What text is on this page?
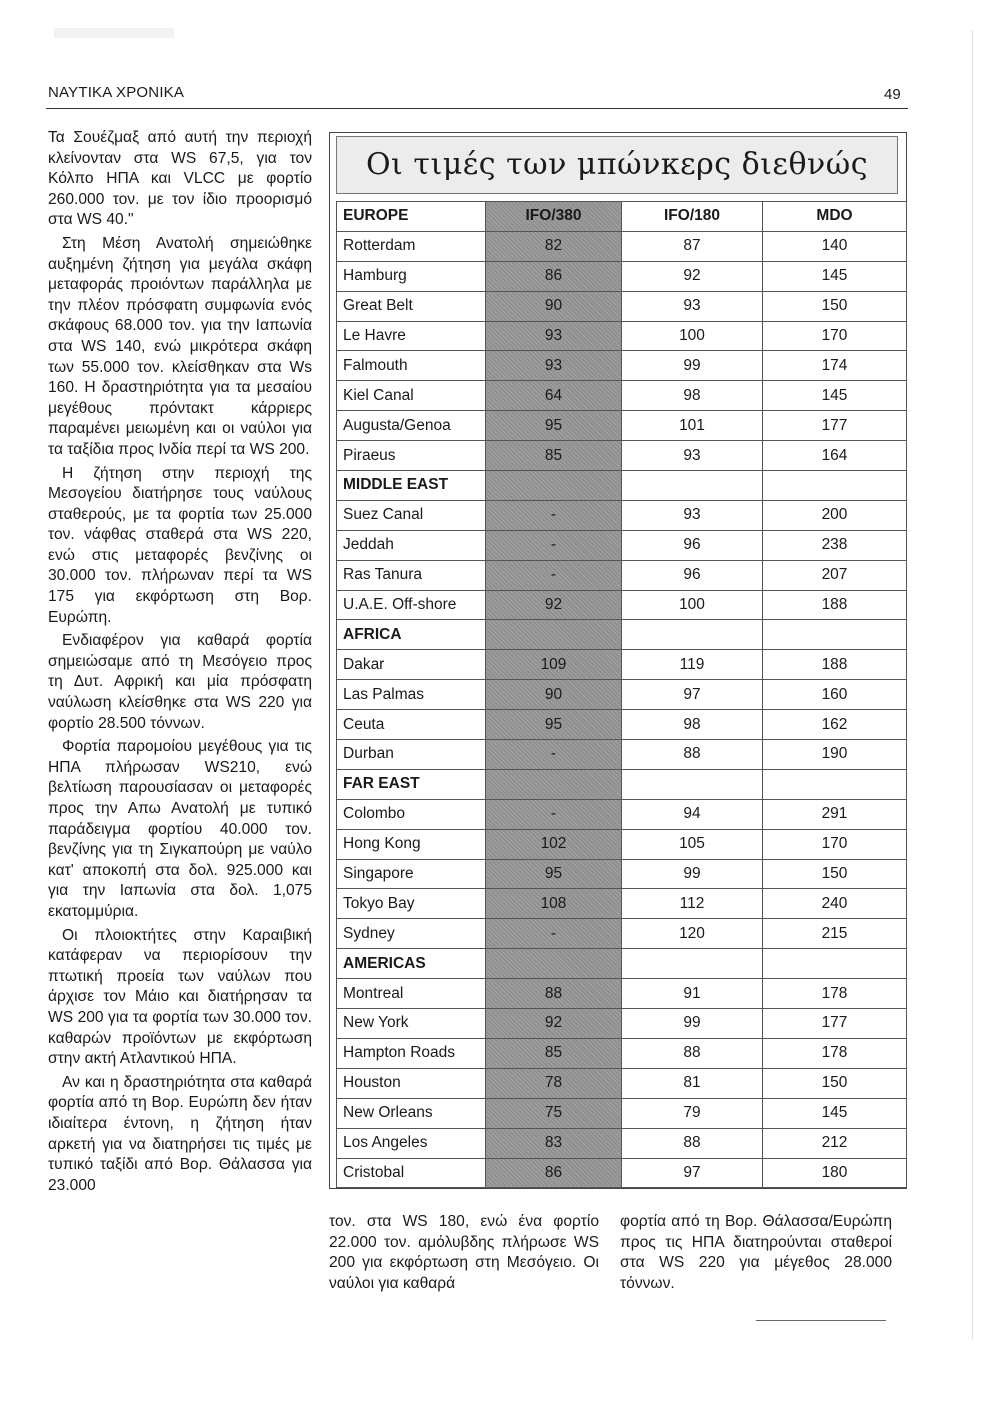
ΝΑΥΤΙΚΑ ΧΡΟΝΙΚΑ	49

Τα Σουέζμαξ από αυτή την περιοχή κλείνονταν στα WS 67,5, για τον Κόλπο ΗΠΑ και VLCC με φορτίο 260.000 τον. με τον ίδιο προορισμό στα WS 40."

Στη Μέση Ανατολή σημειώθηκε αυξημένη ζήτηση για μεγάλα σκάφη μεταφοράς προιόντων παράλληλα με την πλέον πρόσφατη συμφωνία ενός σκάφους 68.000 τον. για την Ιαπωνία στα WS 140, ενώ μικρότερα σκάφη των 55.000 τον. κλείσθηκαν στα Ws 160. Η δραστηριότητα για τα μεσαίου μεγέθους πρόντακτ κάρριερς παραμένει μειωμένη και οι ναύλοι για τα ταξίδια προς Ινδία περί τα WS 200.

Η ζήτηση στην περιοχή της Μεσογείου διατήρησε τους ναύλους σταθερούς, με τα φορτία των 25.000 τον. νάφθας σταθερά στα WS 220, ενώ στις μεταφορές βενζίνης οι 30.000 τον. πλήρωναν περί τα WS 175 για εκφόρτωση στη Βορ. Ευρώπη.

Ενδιαφέρον για καθαρά φορτία σημειώσαμε από τη Μεσόγειο προς τη Δυτ. Αφρική και μία πρόσφατη ναύλωση κλείσθηκε στα WS 220 για φορτίο 28.500 τόννων.

Φορτία παρομοίου μεγέθους για τις ΗΠΑ πλήρωσαν WS210, ενώ βελτίωση παρουσίασαν οι μεταφορές προς την Απω Ανατολή με τυπικό παράδειγμα φορτίου 40.000 τον. βενζίνης για τη Σιγκαπούρη με ναύλο κατ' αποκοπή στα δολ. 925.000 και για την Ιαπωνία στα δολ. 1,075 εκατομμύρια.

Οι πλοιοκτήτες στην Καραιβική κατάφεραν να περιορίσουν την πτωτική προεία των ναύλων που άρχισε τον Μάιο και διατήρησαν τα WS 200 για τα φορτία των 30.000 τον. καθαρών προϊόντων με εκφόρτωση στην ακτή Ατλαντικού ΗΠΑ.

Αν και η δραστηριότητα στα καθαρά φορτία από τη Βορ. Ευρώπη δεν ήταν ιδιαίτερα έντονη, η ζήτηση ήταν αρκετή για να διατηρήσει τις τιμές με τυπικό ταξίδι από Βορ. Θάλασσα για 23.000

Οι τιμές των μπώνκερς διεθνώς
EUROPE	IFO/380	IFO/180	MDO
Rotterdam	82	87	140
Hamburg	86	92	145
Great Belt	90	93	150
Le Havre	93	100	170
Falmouth	93	99	174
Kiel Canal	64	98	145
Augusta/Genoa	95	101	177
Piraeus	85	93	164
MIDDLE EAST			
Suez Canal	-	93	200
Jeddah	-	96	238
Ras Tanura	-	96	207
U.A.E. Off-shore	92	100	188
AFRICA			
Dakar	109	119	188
Las Palmas	90	97	160
Ceuta	95	98	162
Durban	-	88	190
FAR EAST			
Colombo	-	94	291
Hong Kong	102	105	170
Singapore	95	99	150
Tokyo Bay	108	112	240
Sydney	-	120	215
AMERICAS			
Montreal	88	91	178
New York	92	99	177
Hampton Roads	85	88	178
Houston	78	81	150
New Orleans	75	79	145
Los Angeles	83	88	212
Cristobal	86	97	180
τον. στα WS 180, ενώ ένα φορτίο 22.000 τον. αμόλυβδης πλήρωσε WS 200 για εκφόρτωση στη Μεσόγειο. Οι ναύλοι για καθαρά
φορτία από τη Βορ. Θάλασσα/Ευρώπη προς τις ΗΠΑ διατηρούνται σταθεροί στα WS 220 για μέγεθος 28.000 τόννων.
